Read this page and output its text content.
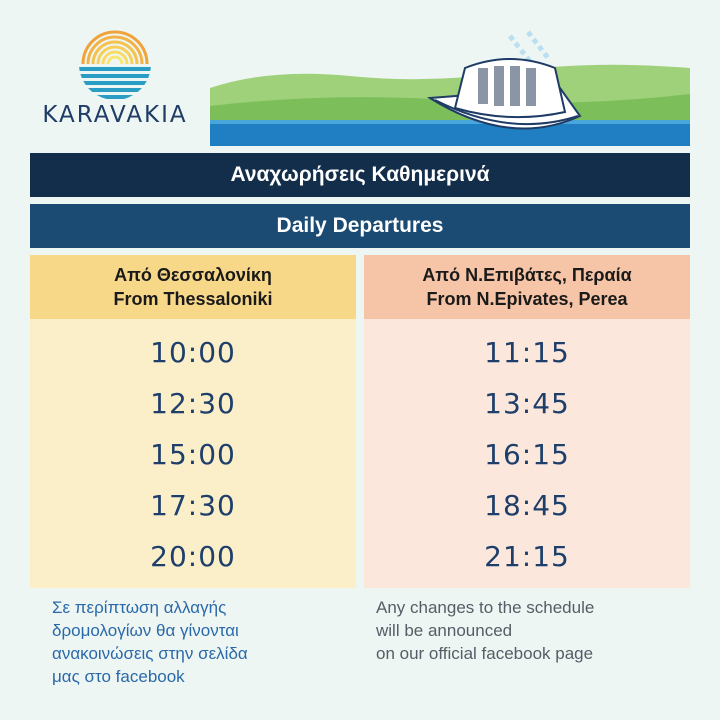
KARAVAKIA
Αναχωρήσεις Καθημερινά
Daily Departures
Από Θεσσαλονίκη
From Thessaloniki
10:00
12:30
15:00
17:30
20:00
Από Ν.Επιβάτες, Περαία
From N.Epivates, Perea
11:15
13:45
16:15
18:45
21:15
Σε περίπτωση αλλαγής
δρομολογίων θα γίνονται
ανακοινώσεις στην σελίδα
μας στο facebook
Any changes to the schedule
will be announced
on our official facebook page
